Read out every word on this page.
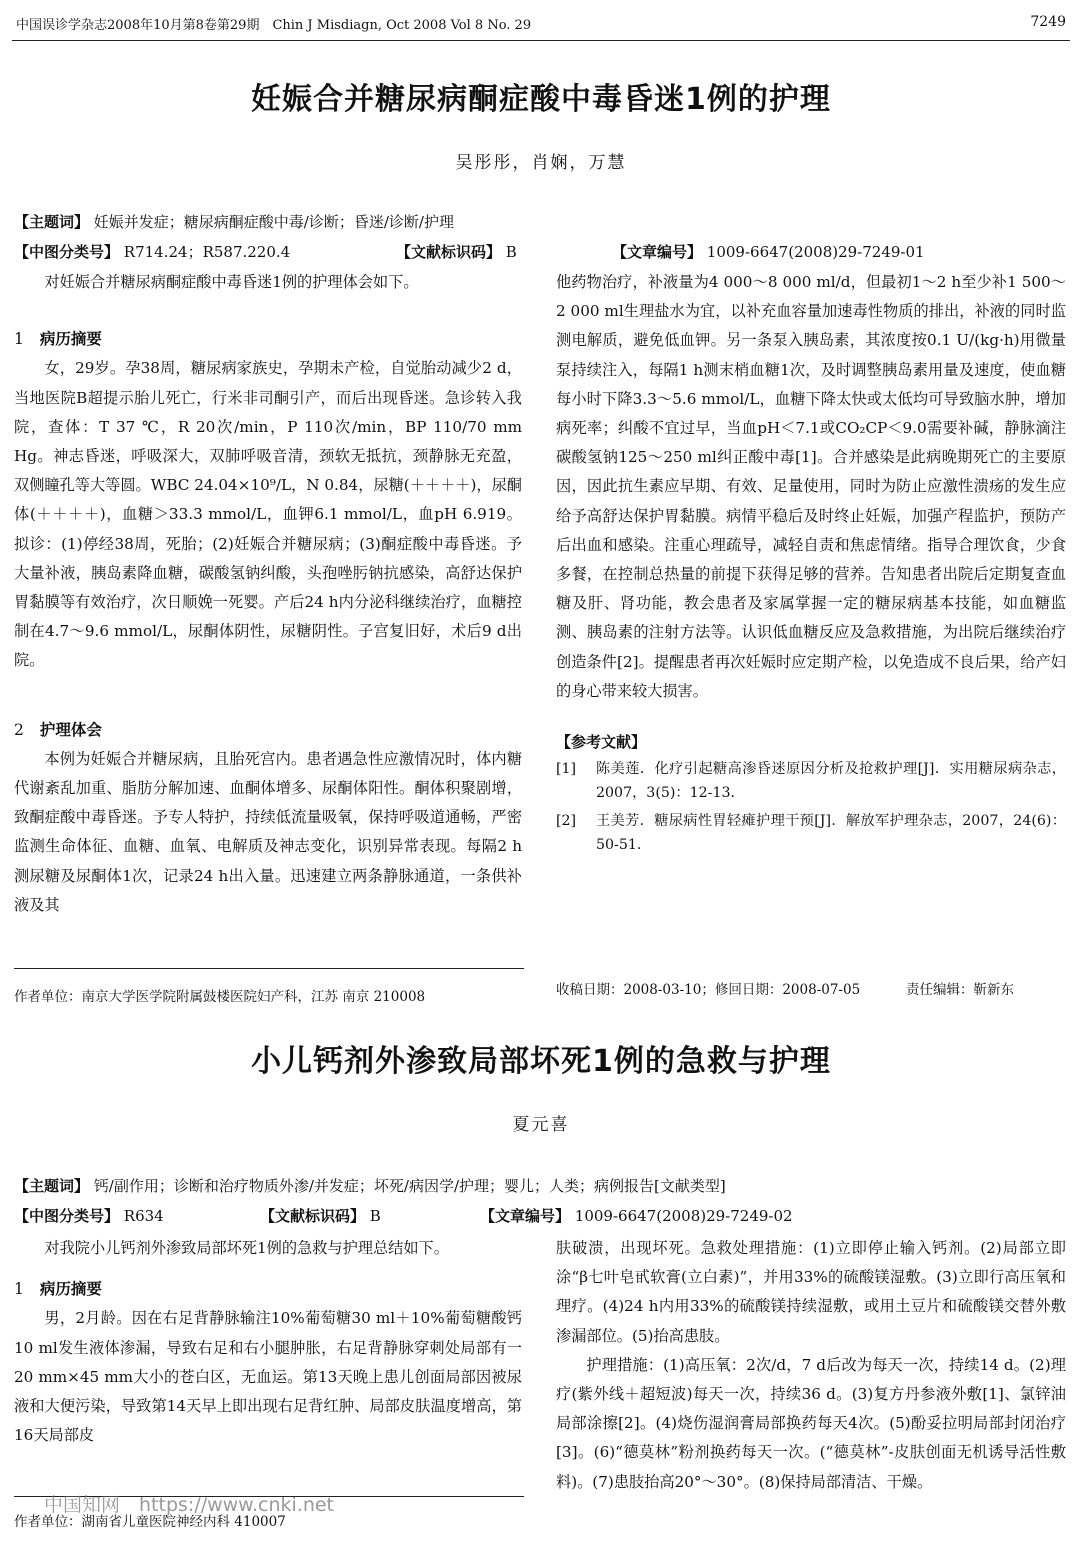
中国误诊学杂志2008年10月第8卷第29期　Chin J Misdiagn, Oct 2008 Vol 8 No. 29	7249
妊娠合并糖尿病酮症酸中毒昏迷1例的护理
吴彤彤，肖娴，万慧
【主题词】 妊娠并发症；糖尿病酮症酸中毒/诊断；昏迷/诊断/护理
【中图分类号】 R714.24；R587.220.4	【文献标识码】 B	【文章编号】 1009-6647(2008)29-7249-01

对妊娠合并糖尿病酮症酸中毒昏迷1例的护理体会如下。

1 病历摘要

女，29岁。孕38周，糖尿病家族史，孕期未产检，自觉胎动减少2 d，当地医院B超提示胎儿死亡，行米非司酮引产，而后出现昏迷。急诊转入我院，查体：T 37 ℃，R 20次/min，P 110次/min，BP 110/70 mm Hg。神志昏迷，呼吸深大，双肺呼吸音清，颈软无抵抗，颈静脉无充盈，双侧瞳孔等大等圆。WBC 24.04×10⁹/L，N 0.84，尿糖(＋＋＋＋)，尿酮体(＋＋＋＋)，血糖＞33.3 mmol/L，血钾6.1 mmol/L，血pH 6.919。拟诊：(1)停经38周，死胎；(2)妊娠合并糖尿病；(3)酮症酸中毒昏迷。予大量补液，胰岛素降血糖，碳酸氢钠纠酸，头孢唑肟钠抗感染，高舒达保护胃黏膜等有效治疗，次日顺娩一死婴。产后24 h内分泌科继续治疗，血糖控制在4.7～9.6 mmol/L，尿酮体阴性，尿糖阴性。子宫复旧好，术后9 d出院。

2 护理体会

本例为妊娠合并糖尿病，且胎死宫内。患者遇急性应激情况时，体内糖代谢紊乱加重、脂肪分解加速、血酮体增多、尿酮体阳性。酮体积聚剧增，致酮症酸中毒昏迷。予专人特护，持续低流量吸氧，保持呼吸道通畅，严密监测生命体征、血糖、血氧、电解质及神志变化，识别异常表现。每隔2 h测尿糖及尿酮体1次，记录24 h出入量。迅速建立两条静脉通道，一条供补液及其

他药物治疗，补液量为4 000～8 000 ml/d，但最初1～2 h至少补1 500～2 000 ml生理盐水为宜，以补充血容量加速毒性物质的排出，补液的同时监测电解质，避免低血钾。另一条泵入胰岛素，其浓度按0.1 U/(kg·h)用微量泵持续注入，每隔1 h测末梢血糖1次，及时调整胰岛素用量及速度，使血糖每小时下降3.3～5.6 mmol/L，血糖下降太快或太低均可导致脑水肿，增加病死率；纠酸不宜过早，当血pH＜7.1或CO₂CP＜9.0需要补碱，静脉滴注碳酸氢钠125～250 ml纠正酸中毒[1]。合并感染是此病晚期死亡的主要原因，因此抗生素应早期、有效、足量使用，同时为防止应激性溃疡的发生应给予高舒达保护胃黏膜。病情平稳后及时终止妊娠，加强产程监护，预防产后出血和感染。注重心理疏导，减轻自责和焦虑情绪。指导合理饮食，少食多餐，在控制总热量的前提下获得足够的营养。告知患者出院后定期复查血糖及肝、肾功能，教会患者及家属掌握一定的糖尿病基本技能，如血糖监测、胰岛素的注射方法等。认识低血糖反应及急救措施，为出院后继续治疗创造条件[2]。提醒患者再次妊娠时应定期产检，以免造成不良后果，给产妇的身心带来较大损害。

【参考文献】

[1]	陈美莲．化疗引起糖高渗昏迷原因分析及抢救护理[J]．实用糖尿病杂志，2007，3(5)：12-13．
[2]	王美芳．糖尿病性胃轻瘫护理干预[J]．解放军护理杂志，2007，24(6)：50-51．
作者单位：南京大学医学院附属鼓楼医院妇产科，江苏 南京 210008	收稿日期：2008-03-10；修回日期：2008-07-05	责任编辑：靳新东
小儿钙剂外渗致局部坏死1例的急救与护理
夏元喜
【主题词】 钙/副作用；诊断和治疗物质外渗/并发症；坏死/病因学/护理；婴儿；人类；病例报告[文献类型]
【中图分类号】 R634	【文献标识码】 B	【文章编号】 1009-6647(2008)29-7249-02

对我院小儿钙剂外渗致局部坏死1例的急救与护理总结如下。

1 病历摘要

男，2月龄。因在右足背静脉输注10%葡萄糖30 ml＋10%葡萄糖酸钙10 ml发生液体渗漏，导致右足和右小腿肿胀，右足背静脉穿刺处局部有一20 mm×45 mm大小的苍白区，无血运。第13天晚上患儿创面局部因被尿液和大便污染，导致第14天早上即出现右足背红肿、局部皮肤温度增高，第16天局部皮

肤破溃，出现坏死。急救处理措施：(1)立即停止输入钙剂。(2)局部立即涂“β七叶皂甙软膏(立白素)”，并用33%的硫酸镁湿敷。(3)立即行高压氧和理疗。(4)24 h内用33%的硫酸镁持续湿敷，或用土豆片和硫酸镁交替外敷渗漏部位。(5)抬高患肢。

护理措施：(1)高压氧：2次/d，7 d后改为每天一次，持续14 d。(2)理疗(紫外线＋超短波)每天一次，持续36 d。(3)复方丹参液外敷[1]、氯锌油局部涂擦[2]。(4)烧伤湿润膏局部换药每天4次。(5)酚妥拉明局部封闭治疗[3]。(6)“德莫林”粉剂换药每天一次。(“德莫林”-皮肤创面无机诱导活性敷料)。(7)患肢抬高20°～30°。(8)保持局部清洁、干燥。

作者单位：湖南省儿童医院神经内科 410007
中国知网　https://www.cnki.net
